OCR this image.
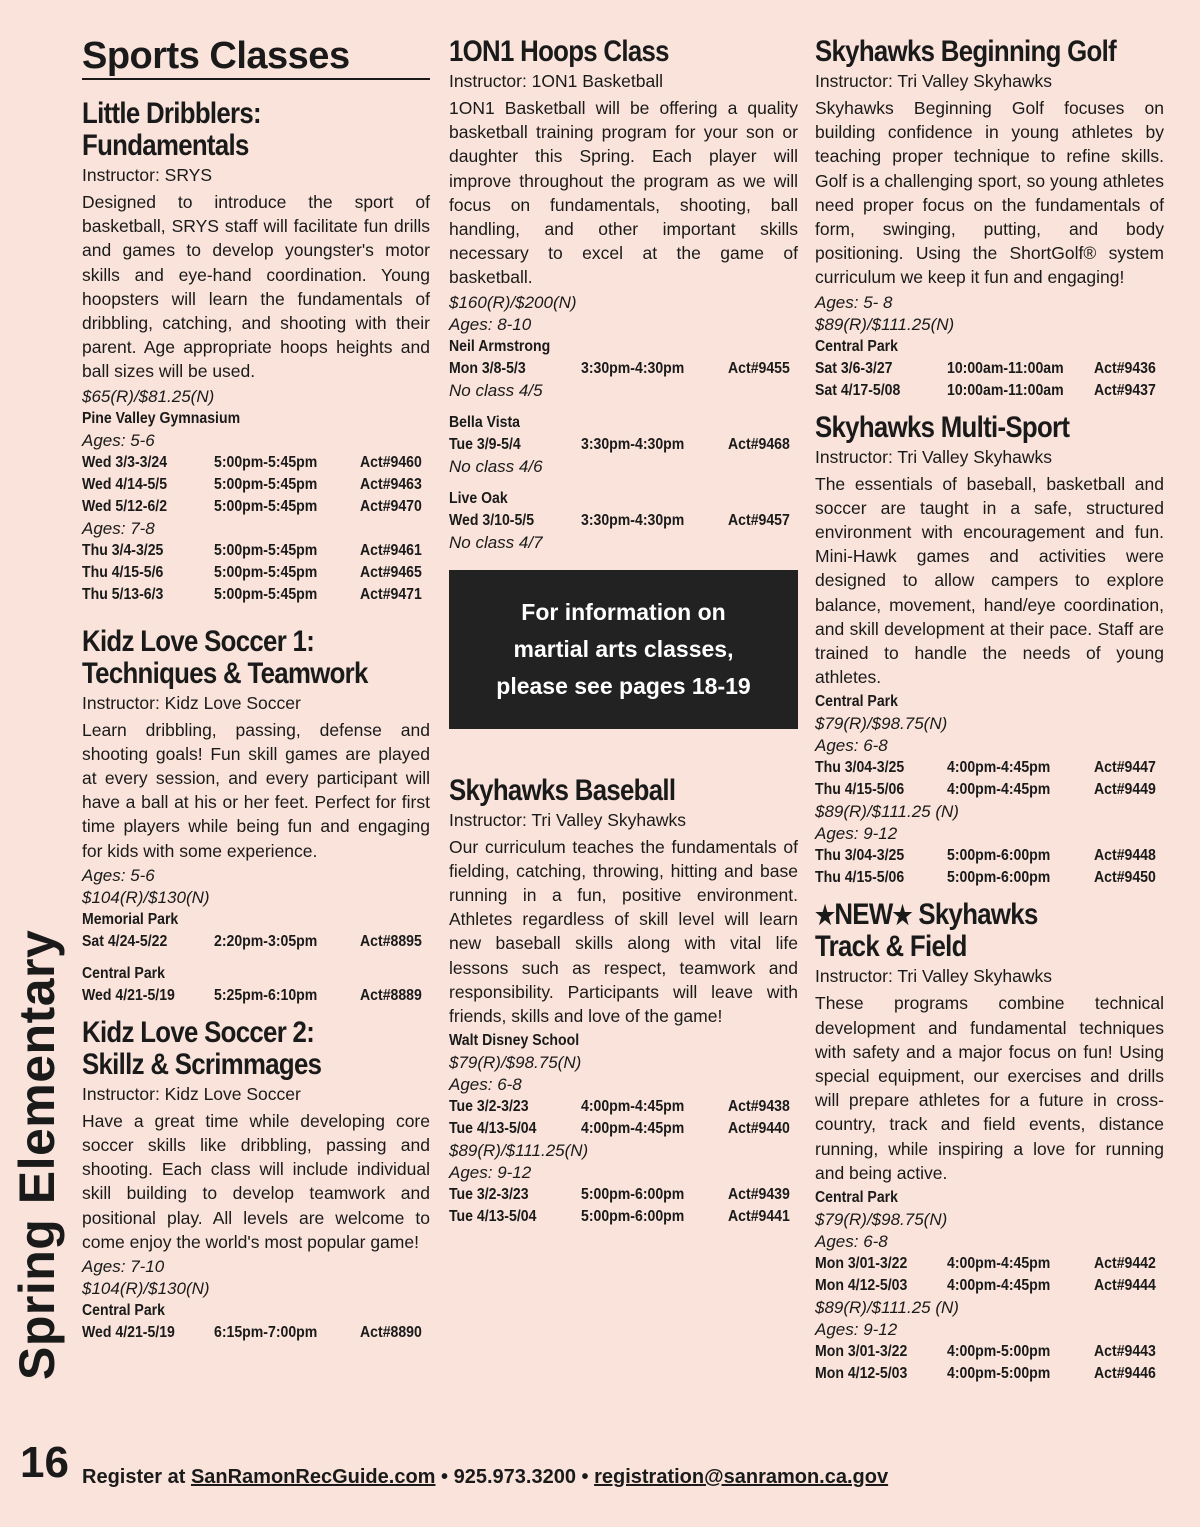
Spring Elementary
16
Sports Classes
Little Dribblers:
Fundamentals
Instructor: SRYS
Designed to introduce the sport of basketball, SRYS staff will facilitate fun drills and games to develop youngster's motor skills and eye-hand coordination. Young hoopsters will learn the fundamentals of dribbling, catching, and shooting with their parent. Age appropriate hoops heights and ball sizes will be used.
$65(R)/$81.25(N)
Pine Valley Gymnasium
Ages: 5-6
Wed 3/3-3/24	5:00pm-5:45pm	Act#9460
Wed 4/14-5/5	5:00pm-5:45pm	Act#9463
Wed 5/12-6/2	5:00pm-5:45pm	Act#9470
Ages: 7-8
Thu 3/4-3/25	5:00pm-5:45pm	Act#9461
Thu 4/15-5/6	5:00pm-5:45pm	Act#9465
Thu 5/13-6/3	5:00pm-5:45pm	Act#9471
Kidz Love Soccer 1:
Techniques & Teamwork
Instructor: Kidz Love Soccer
Learn dribbling, passing, defense and shooting goals! Fun skill games are played at every session, and every participant will have a ball at his or her feet. Perfect for first time players while being fun and engaging for kids with some experience.
Ages: 5-6
$104(R)/$130(N)
Memorial Park
Sat 4/24-5/22	2:20pm-3:05pm	Act#8895
Central Park
Wed 4/21-5/19	5:25pm-6:10pm	Act#8889
Kidz Love Soccer 2:
Skillz & Scrimmages
Instructor: Kidz Love Soccer
Have a great time while developing core soccer skills like dribbling, passing and shooting. Each class will include individual skill building to develop teamwork and positional play. All levels are welcome to come enjoy the world's most popular game!
Ages: 7-10
$104(R)/$130(N)
Central Park
Wed 4/21-5/19	6:15pm-7:00pm	Act#8890
1ON1 Hoops Class
Instructor: 1ON1 Basketball
1ON1 Basketball will be offering a quality basketball training program for your son or daughter this Spring. Each player will improve throughout the program as we will focus on fundamentals, shooting, ball handling, and other important skills necessary to excel at the game of basketball.
$160(R)/$200(N)
Ages: 8-10
Neil Armstrong
Mon 3/8-5/3	3:30pm-4:30pm	Act#9455
No class 4/5
Bella Vista
Tue 3/9-5/4	3:30pm-4:30pm	Act#9468
No class 4/6
Live Oak
Wed 3/10-5/5	3:30pm-4:30pm	Act#9457
No class 4/7
For information on
martial arts classes,
please see pages 18-19
Skyhawks Baseball
Instructor: Tri Valley Skyhawks
Our curriculum teaches the fundamentals of fielding, catching, throwing, hitting and base running in a fun, positive environment. Athletes regardless of skill level will learn new baseball skills along with vital life lessons such as respect, teamwork and responsibility. Participants will leave with friends, skills and love of the game!
Walt Disney School
$79(R)/$98.75(N)
Ages: 6-8
Tue 3/2-3/23	4:00pm-4:45pm	Act#9438
Tue 4/13-5/04	4:00pm-4:45pm	Act#9440
$89(R)/$111.25(N)
Ages: 9-12
Tue 3/2-3/23	5:00pm-6:00pm	Act#9439
Tue 4/13-5/04	5:00pm-6:00pm	Act#9441
Skyhawks Beginning Golf
Instructor: Tri Valley Skyhawks
Skyhawks Beginning Golf focuses on building confidence in young athletes by teaching proper technique to refine skills. Golf is a challenging sport, so young athletes need proper focus on the fundamentals of form, swinging, putting, and body positioning. Using the ShortGolf® system curriculum we keep it fun and engaging!
Ages: 5- 8
$89(R)/$111.25(N)
Central Park
Sat 3/6-3/27	10:00am-11:00am	Act#9436
Sat 4/17-5/08	10:00am-11:00am	Act#9437
Skyhawks Multi-Sport
Instructor: Tri Valley Skyhawks
The essentials of baseball, basketball and soccer are taught in a safe, structured environment with encouragement and fun. Mini-Hawk games and activities were designed to allow campers to explore balance, movement, hand/eye coordination, and skill development at their pace. Staff are trained to handle the needs of young athletes.
Central Park
$79(R)/$98.75(N)
Ages: 6-8
Thu 3/04-3/25	4:00pm-4:45pm	Act#9447
Thu 4/15-5/06	4:00pm-4:45pm	Act#9449
$89(R)/$111.25 (N)
Ages: 9-12
Thu 3/04-3/25	5:00pm-6:00pm	Act#9448
Thu 4/15-5/06	5:00pm-6:00pm	Act#9450
★NEW★ Skyhawks
Track & Field
Instructor: Tri Valley Skyhawks
These programs combine technical development and fundamental techniques with safety and a major focus on fun! Using special equipment, our exercises and drills will prepare athletes for a future in cross-country, track and field events, distance running, while inspiring a love for running and being active.
Central Park
$79(R)/$98.75(N)
Ages: 6-8
Mon 3/01-3/22	4:00pm-4:45pm	Act#9442
Mon 4/12-5/03	4:00pm-4:45pm	Act#9444
$89(R)/$111.25 (N)
Ages: 9-12
Mon 3/01-3/22	4:00pm-5:00pm	Act#9443
Mon 4/12-5/03	4:00pm-5:00pm	Act#9446
Register at SanRamonRecGuide.com • 925.973.3200 • registration@sanramon.ca.gov
